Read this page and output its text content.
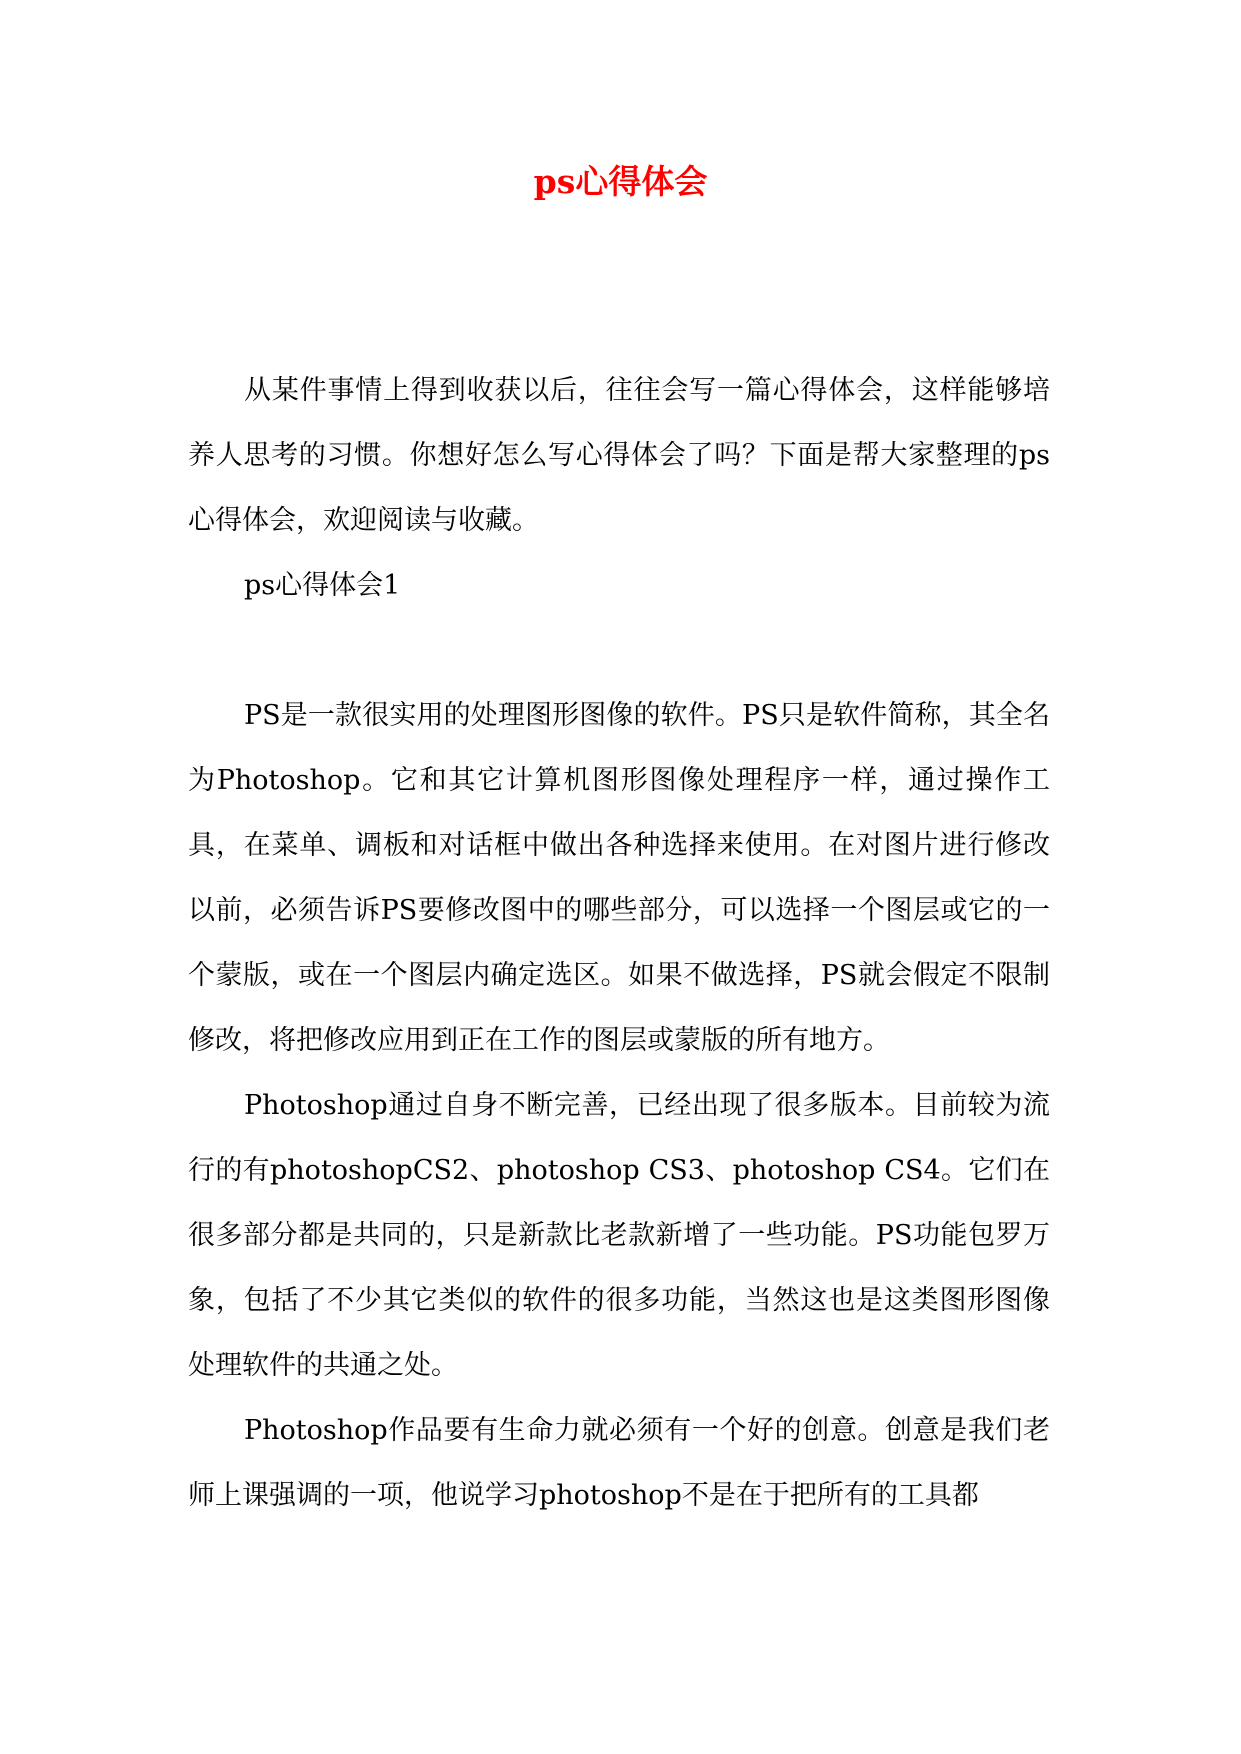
ps心得体会

从某件事情上得到收获以后，往往会写一篇心得体会，这样能够培养人思考的习惯。你想好怎么写心得体会了吗？下面是帮大家整理的ps心得体会，欢迎阅读与收藏。

ps心得体会1

PS是一款很实用的处理图形图像的软件。PS只是软件简称，其全名为Photoshop。它和其它计算机图形图像处理程序一样，通过操作工具，在菜单、调板和对话框中做出各种选择来使用。在对图片进行修改以前，必须告诉PS要修改图中的哪些部分，可以选择一个图层或它的一个蒙版，或在一个图层内确定选区。如果不做选择，PS就会假定不限制修改，将把修改应用到正在工作的图层或蒙版的所有地方。

Photoshop通过自身不断完善，已经出现了很多版本。目前较为流行的有photoshopCS2、photoshop CS3、photoshop CS4。它们在很多部分都是共同的，只是新款比老款新增了一些功能。PS功能包罗万象，包括了不少其它类似的软件的很多功能，当然这也是这类图形图像处理软件的共通之处。

Photoshop作品要有生命力就必须有一个好的创意。创意是我们老师上课强调的一项，他说学习photoshop不是在于把所有的工具都
